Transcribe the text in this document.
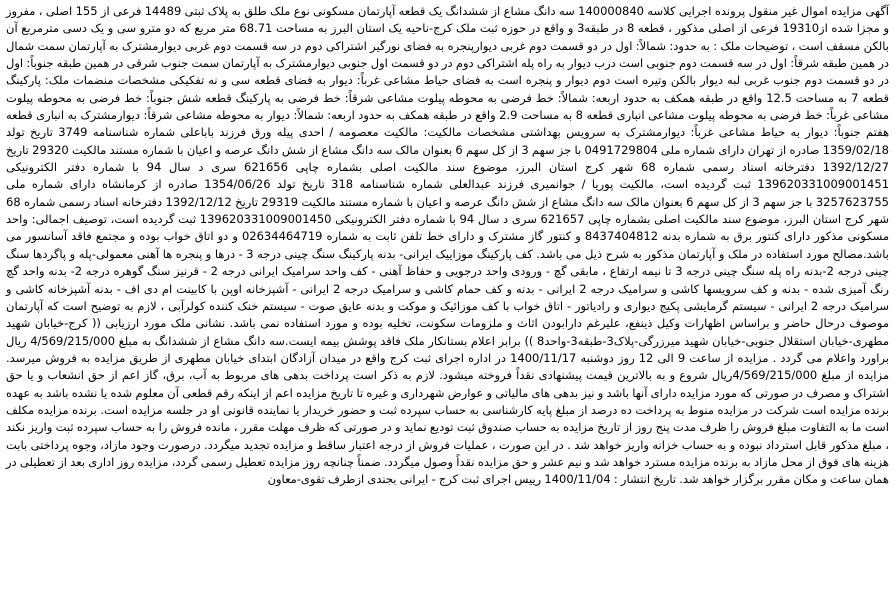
آگهی مزایده اموال غیر منقول پرونده اجرایی کلاسه 140000840 سه دانگ مشاع از ششدانگ یک قطعه آپارتمان مسکونی نوع ملک طلق به پلاک ثبتی 14489 فرعی از 155 اصلی ، مفروز و مجزا شده از19310 فرعی از اصلی مذکور ، قطعه 8 در طبقه3 و واقع در حوزه ثبت ملک کرج-ناحیه یک استان البرز به مساحت 68.71 متر مربع که دو مترو سی و یک دسی مترمربع آن بالکن مسقف است ، توضیحات ملک : به حدود: شمالاً: اول در دو قسمت دوم غربی دیوارپنجره به فضای نورگیر اشتراکی دوم در سه قسمت دوم غربی دیوارمشترک به آپارتمان سمت شمال در همین طبقه شرقاً: اول در سه قسمت دوم جنوبی است درب دیوار به راه پله اشتراکی دوم در دو قسمت اول جنوبی دیوارمشترک به آپارتمان سمت جنوب شرقی در همین طبقه جنوباً: اول در دو قسمت دوم جنوب غربی لبه دیوار بالکن وتیره است دوم دیوار و پنجره است به فضای حیاط مشاعی غرباً: دیوار به فضای قطعه سی و نه تفکیکی مشخصات منضمات ملک: پارکینگ قطعه 7 به مساحت 12.5 واقع در طبقه همکف به حدود اربعه: شمالاً: خط فرضی به محوطه پیلوت مشاعی شرقاً: خط فرضی به پارکینگ قطعه شش جنوباً: خط فرضی به محوطه پیلوت مشاعی غرباً: خط فرضی به محوطه پیلوت مشاعی انباری قطعه 8 به مساحت 2.9 واقع در طبقه همکف به حدود اربعه: شمالاً: دیوار به محوطه مشاعی شرقاً: دیوارمشترک به انباری قطعه هفتم جنوباً: دیوار به حیاط مشاعی غرباً: دیوارمشترک به سرویس بهداشتی مشخصات مالکیت: مالکیت معصومه / احدی پیله ورق فرزند باباعلی شماره شناسنامه 3749 تاریخ تولد 1359/02/18 صادره از تهران دارای شماره ملی 0491729804 با جز سهم 3 از کل سهم 6 بعنوان مالک سه دانگ مشاع از شش دانگ عرصه و اعیان با شماره مستند مالکیت 29320 تاریخ 1392/12/27 دفترخانه اسناد رسمی شماره 68 شهر کرج استان البرز، موضوع سند مالکیت اصلی بشماره چاپی 621656 سری د سال 94 با شماره دفتر الکترونیکی 139620331009001451 ثبت گردیده است، مالکیت پوریا / جوانمیری فرزند عبدالعلی شماره شناسنامه 318 تاریخ تولد 1354/06/26 صادره از کرمانشاه دارای شماره ملی 3257623755 با جز سهم 3 از کل سهم 6 بعنوان مالک سه دانگ مشاع از شش دانگ عرصه و اعیان با شماره مستند مالکیت 29319 تاریخ 1392/12/12 دفترخانه اسناد رسمی شماره 68 شهر کرج استان البرز، موضوع سند مالکیت اصلی بشماره چاپی 621657 سری د سال 94 با شماره دفتر الکترونیکی 139620331009001450 ثبت گردیده است، توصیف اجمالی: واحد مسکونی مذکور دارای کنتور برق به شماره بدنه 8437404812 و کنتور گاز مشترک و دارای خط تلفن ثابت به شماره 02634464719 و دو اتاق خواب بوده و مجتمع فاقد آسانسور می باشد.مصالح مورد استفاده در ملک و آپارتمان مذکور به شرح ذیل می باشد. کف پارکینگ موزاییک ایرانی- بدنه پارکینگ سنگ چینی درجه 3 - درها و پنجره ها آهنی معمولی-پله و پاگردها سنگ چینی درجه 2-بدنه راه پله سنگ چینی درجه 3 تا نیمه ارتفاع ، مابقی گچ - ورودی واحد درجویی و حفاظ آهنی - کف واحد سرامیک ایرانی درجه 2 - قرنیز سنگ گوهره درجه 2- بدنه واحد گچ رنگ آمیزی شده - بدنه و کف سرویسها کاشی و سرامیک درجه 2 ایرانی - بدنه و کف حمام کاشی و سرامیک درجه 2 ایرانی - آشپزخانه اوپن با کابینت ام دی اف - بدنه آشپزخانه کاشی و سرامیک درجه 2 ایرانی - سیستم گرمایشی پکیج دیواری و رادیاتور - اتاق خواب با کف موزائیک و موکت و بدنه عایق صوت - سیستم خنک کننده کولرآبی ، لازم به توضیح است که آپارتمان موصوف درحال حاضر و براساس اظهارات وکیل ذینفع، علیرغم دارابودن اثاث و ملزومات سکونت، تخلیه بوده و مورد استفاده نمی باشد. نشانی ملک مورد ارزیابی (( کرج-خیابان شهید مطهری-خیابان استقلال جنوبی-خیابان شهید میرزرگی-پلاک3-طبقه3-واحد8 )) برابر اعلام بستانکار ملک فاقد پوشش بیمه ایست.سه دانگ مشاع از ششدانگ به مبلغ 4/569/215/000 ریال براورد واعلام می گردد . مزایده از ساعت 9 الی 12 روز دوشنبه 1400/11/17 در اداره اجرای ثبت کرج واقع در میدان آزادگان ابتدای خیابان مطهری از طریق مزایده به فروش میرسد. مزایده از مبلغ 4/569/215/000ریال شروع و به بالاترین قیمت پیشنهادی نقداً فروخته میشود. لازم به ذکر است پرداخت بدهی های مربوط به آب، برق، گاز اعم از حق انشعاب و یا حق اشتراک و مصرف در صورتی که مورد مزایده دارای آنها باشد و نیز بدهی های مالیاتی و عوارض شهرداری و غیره تا تاریخ مزایده اعم از اینکه رقم قطعی آن معلوم شده یا نشده باشد به عهده برنده مزایده است شرکت در مزایده منوط به پرداخت ده درصد از مبلغ پایه کارشناسی به حساب سپرده ثبت و حضور خریدار یا نماینده قانونی او در جلسه مزایده است. برنده مزایده مکلف است ما به التفاوت مبلغ فروش را ظرف مدت پنج روز از تاریخ مزایده به حساب صندوق ثبت تودیع نماید و در صورتی که ظرف مهلت مقرر ، مانده فروش را به حساب سپرده ثبت واریز نکند ، مبلغ مذکور قابل استرداد نبوده و به حساب خزانه واریز خواهد شد . در این صورت ، عملیات فروش از درجه اعتبار ساقط و مزایده تجدید میگردد. درصورت وجود مازاد، وجوه پرداختی بابت هزینه های فوق از محل مازاد به برنده مزایده مسترد خواهد شد و نیم عشر و حق مزایده نقداً وصول میگردد. ضمناً چنانچه روز مزایده تعطیل رسمی گردد، مزایده روز اداری بعد از تعطیلی در همان ساعت و مکان مقرر برگزار خواهد شد. تاریخ انتشار : 1400/11/04 رییس اجرای ثبت کرج - ایرانی بجندی ازطرف تقوی-معاون
